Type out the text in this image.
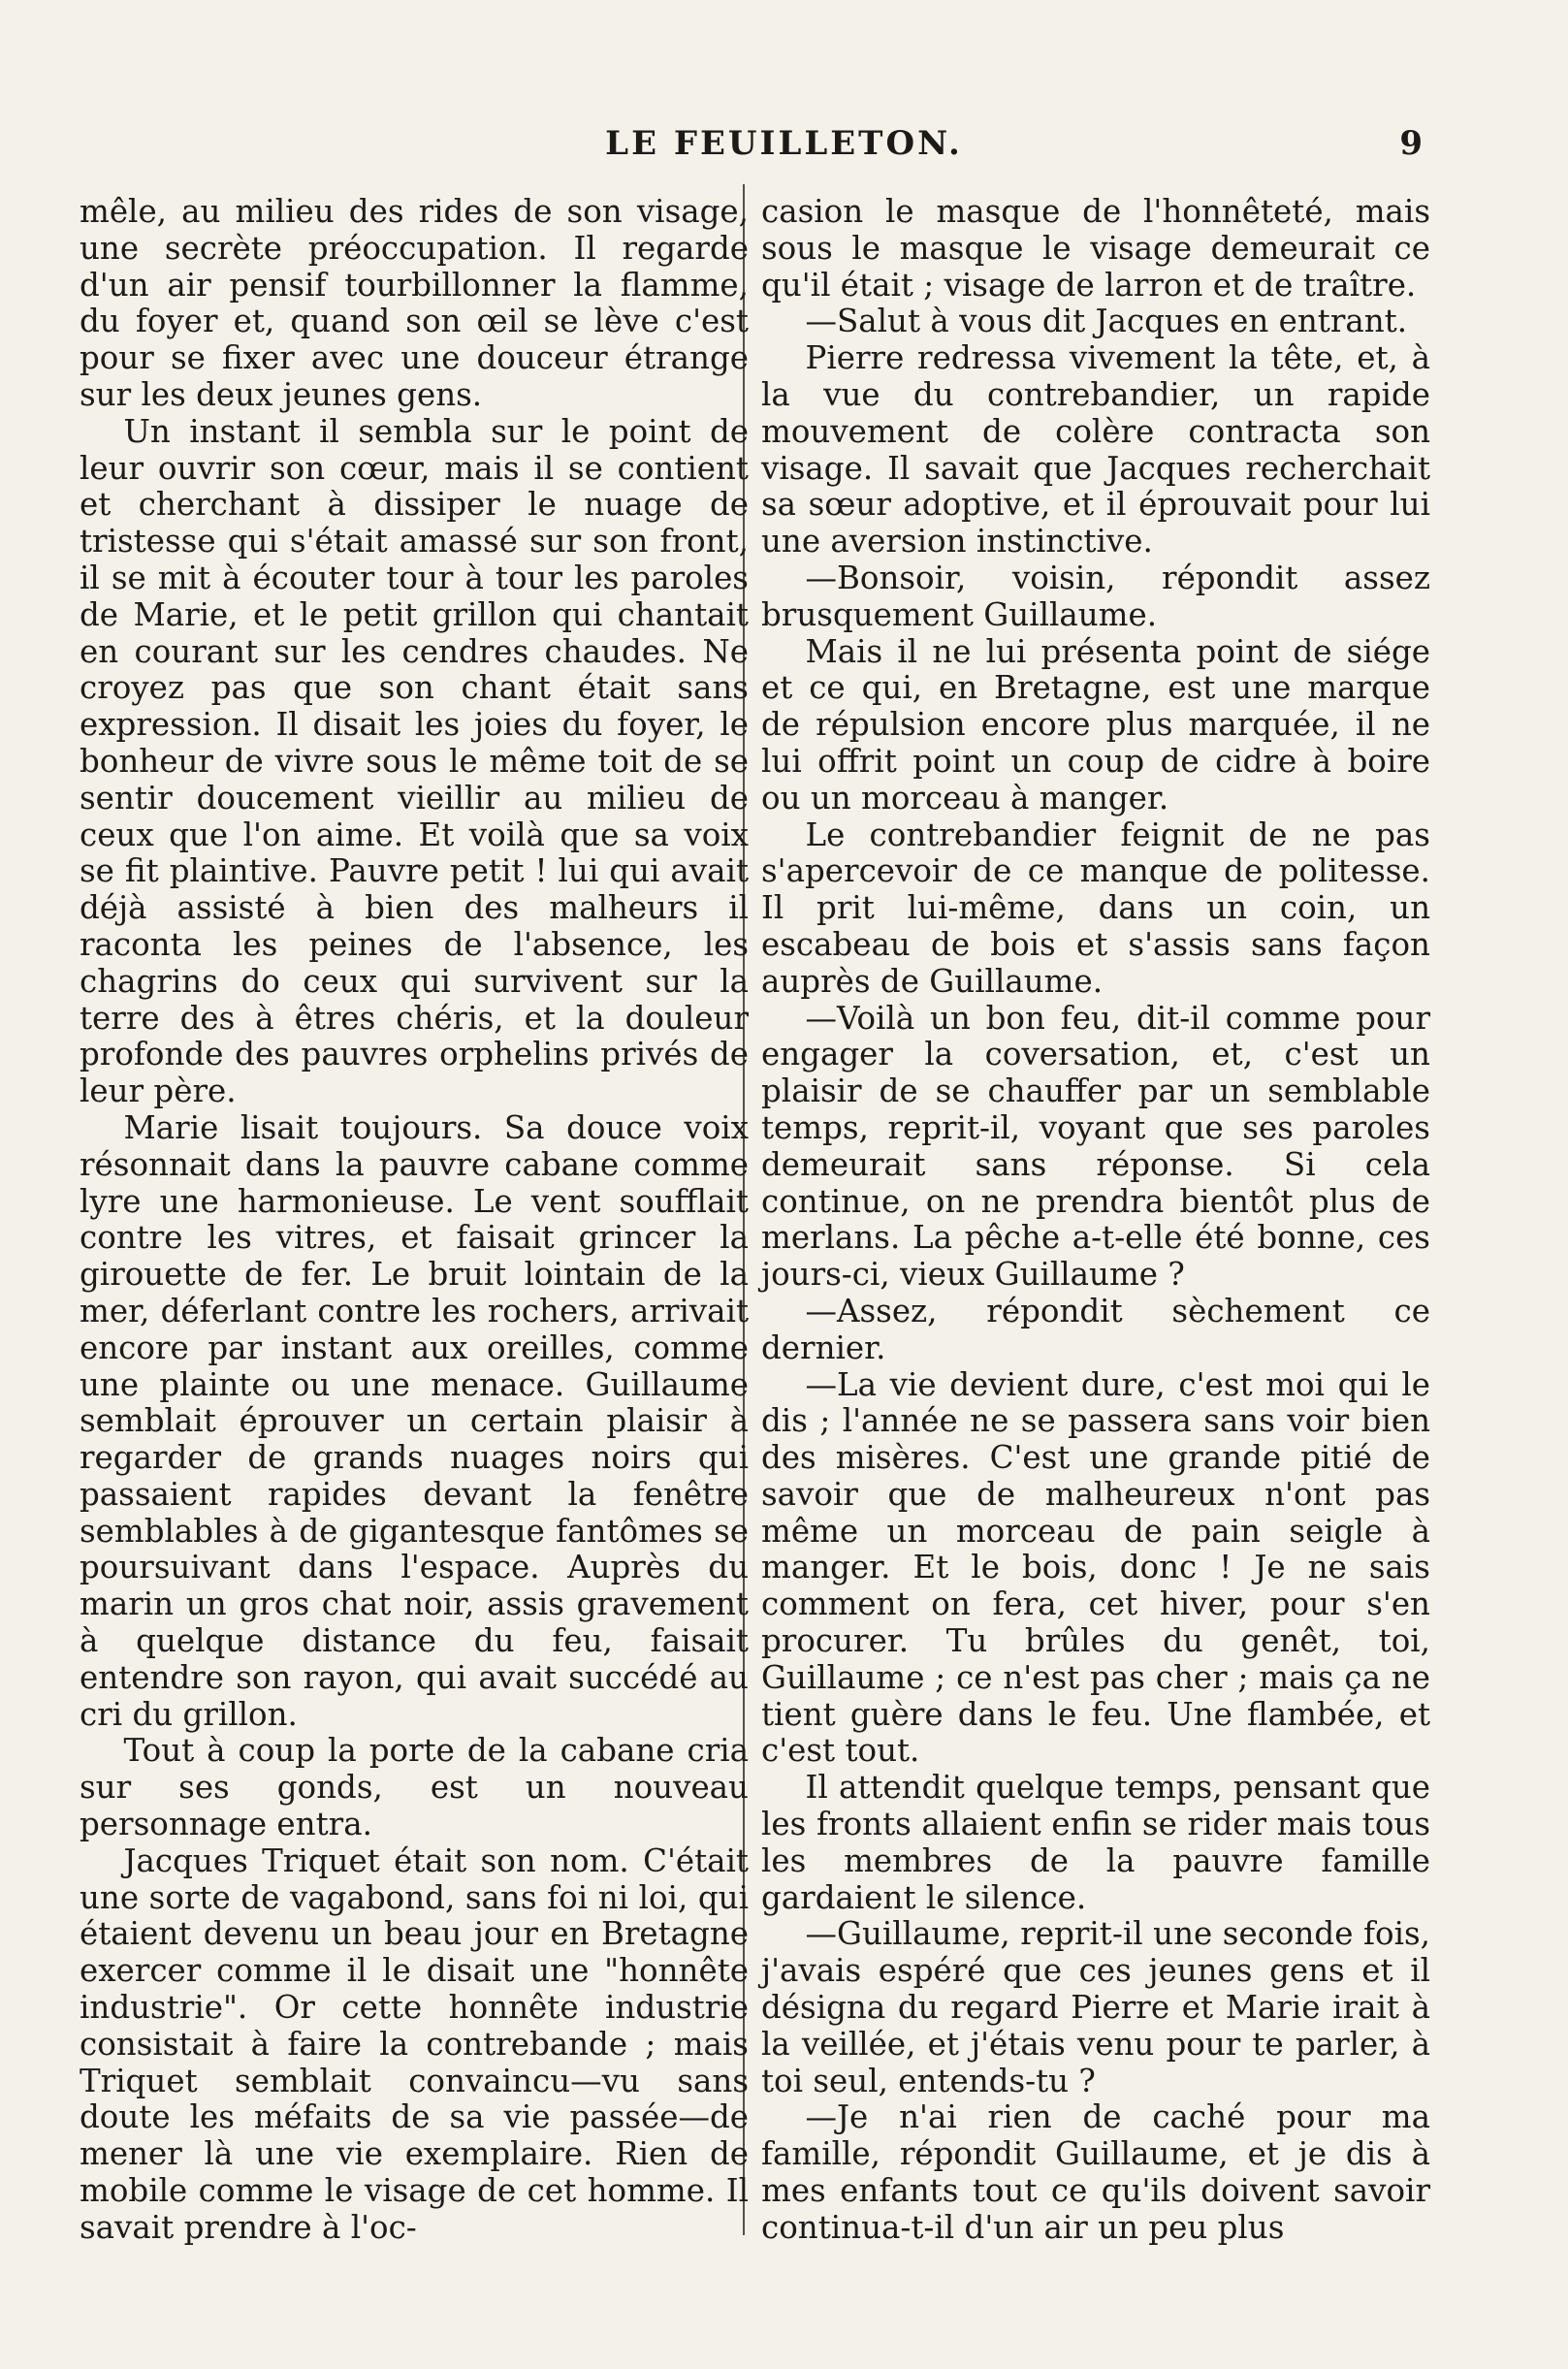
LE FEUILLETON.	9

mêle, au milieu des rides de son visage, une secrète préoccupation. Il regarde d'un air pensif tourbillonner la flamme, du foyer et, quand son œil se lève c'est pour se fixer avec une douceur étrange sur les deux jeunes gens.

Un instant il sembla sur le point de leur ouvrir son cœur, mais il se contient et cherchant à dissiper le nuage de tristesse qui s'était amassé sur son front, il se mit à écouter tour à tour les paroles de Marie, et le petit grillon qui chantait en courant sur les cendres chaudes. Ne croyez pas que son chant était sans expression. Il disait les joies du foyer, le bonheur de vivre sous le même toit de se sentir doucement vieillir au milieu de ceux que l'on aime. Et voilà que sa voix se fit plaintive. Pauvre petit ! lui qui avait déjà assisté à bien des malheurs il raconta les peines de l'absence, les chagrins do ceux qui survivent sur la terre des à êtres chéris, et la douleur profonde des pauvres orphelins privés de leur père.

Marie lisait toujours. Sa douce voix résonnait dans la pauvre cabane comme lyre une harmonieuse. Le vent soufflait contre les vitres, et faisait grincer la girouette de fer. Le bruit lointain de la mer, déferlant contre les rochers, arrivait encore par instant aux oreilles, comme une plainte ou une menace. Guillaume semblait éprouver un certain plaisir à regarder de grands nuages noirs qui passaient rapides devant la fenêtre semblables à de gigantesque fantômes se poursuivant dans l'espace. Auprès du marin un gros chat noir, assis gravement à quelque distance du feu, faisait entendre son rayon, qui avait succédé au cri du grillon.

Tout à coup la porte de la cabane cria sur ses gonds, est un nouveau personnage entra.

Jacques Triquet était son nom. C'était une sorte de vagabond, sans foi ni loi, qui étaient devenu un beau jour en Bretagne exercer comme il le disait une "honnête industrie". Or cette honnête industrie consistait à faire la contrebande ; mais Triquet semblait convaincu—vu sans doute les méfaits de sa vie passée—de mener là une vie exemplaire. Rien de mobile comme le visage de cet homme. Il savait prendre à l'oc-

casion le masque de l'honnêteté, mais sous le masque le visage demeurait ce qu'il était ; visage de larron et de traître.

—Salut à vous dit Jacques en entrant.

Pierre redressa vivement la tête, et, à la vue du contrebandier, un rapide mouvement de colère contracta son visage. Il savait que Jacques recherchait sa sœur adoptive, et il éprouvait pour lui une aversion instinctive.

—Bonsoir, voisin, répondit assez brusquement Guillaume.

Mais il ne lui présenta point de siége et ce qui, en Bretagne, est une marque de répulsion encore plus marquée, il ne lui offrit point un coup de cidre à boire ou un morceau à manger.

Le contrebandier feignit de ne pas s'apercevoir de ce manque de politesse. Il prit lui-même, dans un coin, un escabeau de bois et s'assis sans façon auprès de Guillaume.

—Voilà un bon feu, dit-il comme pour engager la coversation, et, c'est un plaisir de se chauffer par un semblable temps, reprit-il, voyant que ses paroles demeurait sans réponse. Si cela continue, on ne prendra bientôt plus de merlans. La pêche a-t-elle été bonne, ces jours-ci, vieux Guillaume ?

—Assez, répondit sèchement ce dernier.

—La vie devient dure, c'est moi qui le dis ; l'année ne se passera sans voir bien des misères. C'est une grande pitié de savoir que de malheureux n'ont pas même un morceau de pain seigle à manger. Et le bois, donc ! Je ne sais comment on fera, cet hiver, pour s'en procurer. Tu brûles du genêt, toi, Guillaume ; ce n'est pas cher ; mais ça ne tient guère dans le feu. Une flambée, et c'est tout.

Il attendit quelque temps, pensant que les fronts allaient enfin se rider mais tous les membres de la pauvre famille gardaient le silence.

—Guillaume, reprit-il une seconde fois, j'avais espéré que ces jeunes gens et il désigna du regard Pierre et Marie irait à la veillée, et j'étais venu pour te parler, à toi seul, entends-tu ?

—Je n'ai rien de caché pour ma famille, répondit Guillaume, et je dis à mes enfants tout ce qu'ils doivent savoir continua-t-il d'un air un peu plus
